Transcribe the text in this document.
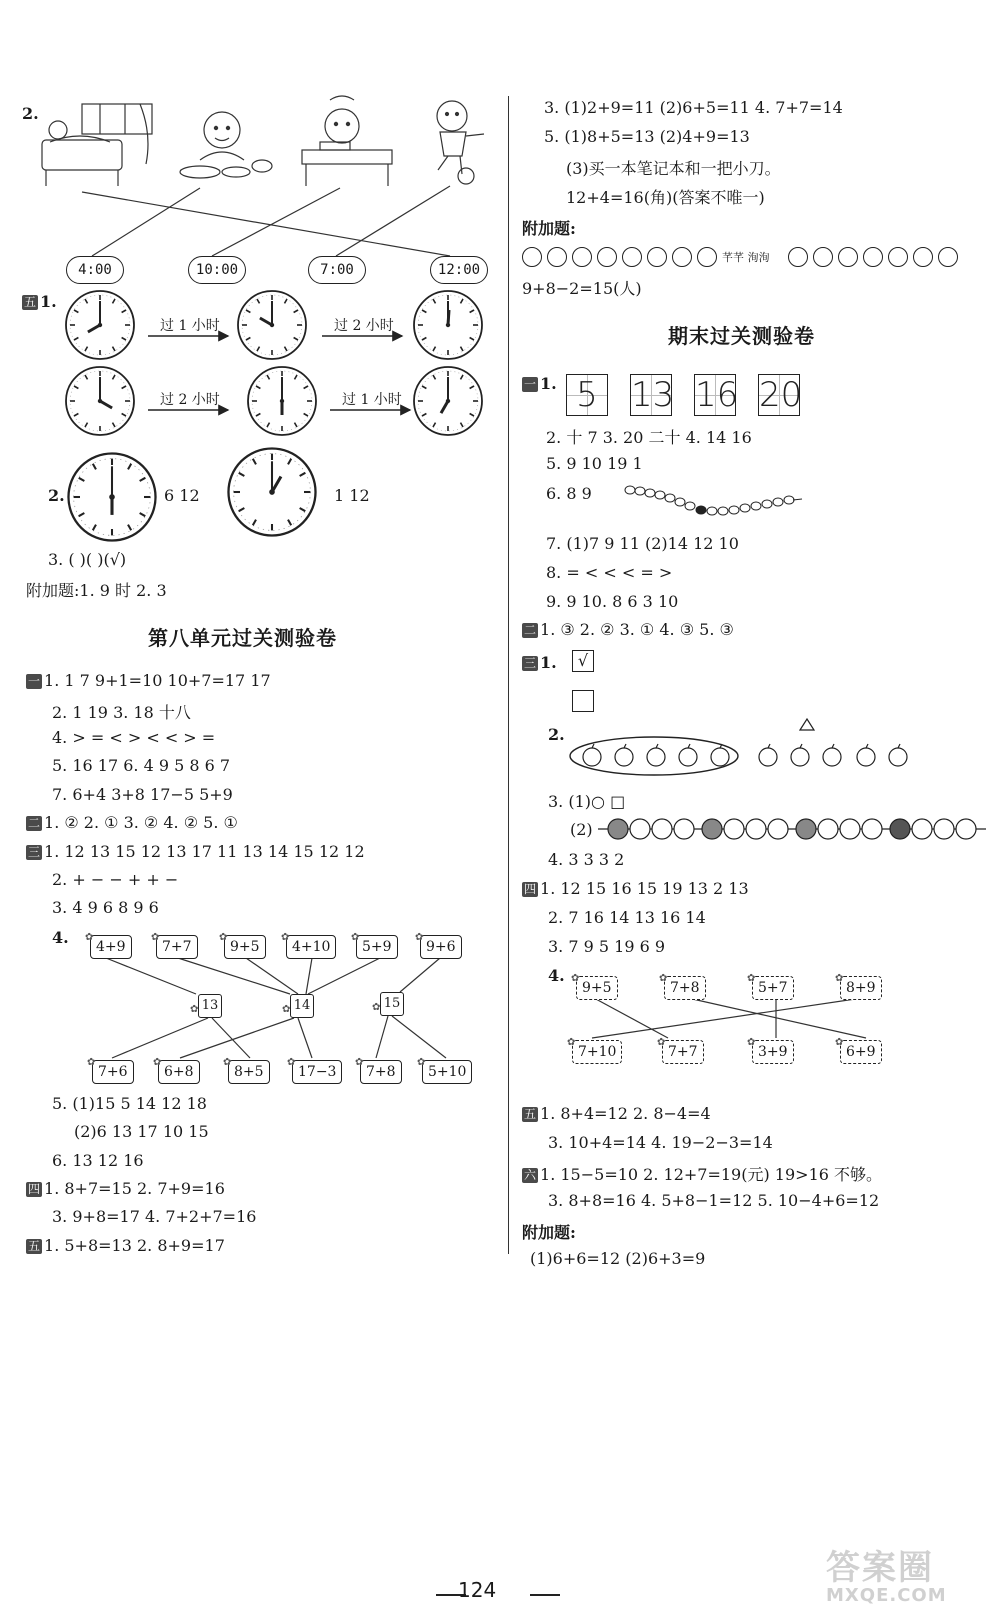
2.
4:00	10:00	7:00	12:00
五 1.
过 1 小时	过 2 小时
过 2 小时	过 1 小时
2.	6 12	1 12
3. ( )( )(√)
附加题:1. 9 时 2. 3
第八单元过关测验卷
一 1. 1 7 9+1=10 10+7=17 17
2. 1 19 3. 18 十八
4. > = < > < < > =
5. 16 17 6. 4 9 5 8 6 7
7. 6+4 3+8 17−5 5+9
二 1. ② 2. ① 3. ② 4. ② 5. ①
三 1. 12 13 15 12 13 17 11 13 14 15 12 12
2. + − − + + −
3. 4 9 6 8 9 6
4.	✿ 4+9	✿ 7+7	✿ 9+5	✿ 4+10	✿ 5+9	✿ 9+6
✿ 13	✿ 14	✿ 15
✿ 7+6	✿ 6+8	✿ 8+5	✿ 17−3	✿ 7+8	✿ 5+10
5. (1)15 5 14 12 18
(2)6 13 17 10 15
6. 13 12 16
四 1. 8+7=15 2. 7+9=16
3. 9+8=17 4. 7+2+7=16
五 1. 5+8=13 2. 8+9=17
3. (1)2+9=11 (2)6+5=11 4. 7+7=14
5. (1)8+5=13 (2)4+9=13
(3)买一本笔记本和一把小刀。
12+4=16(角)(答案不唯一)
附加题:
芊芊 洵洵
9+8−2=15(人)
期末过关测验卷
一 1. 5 13 16 20
2. 十 7 3. 20 二十 4. 14 16
5. 9 10 19 1
6. 8 9
7. (1)7 9 11 (2)14 12 10
8. = < < < = >
9. 9 10. 8 6 3 10
二 1. ③ 2. ② 3. ① 4. ③ 5. ③
三 1.	√
2.
3. (1)○ □
(2)
4. 3 3 3 2
四 1. 12 15 16 15 19 13 2 13
2. 7 16 14 13 16 14
3. 7 9 5 19 6 9
4.
✿ 9+5	✿ 7+8	✿ 5+7	✿ 8+9
✿ 7+10	✿ 7+7	✿ 3+9	✿ 6+9
五 1. 8+4=12 2. 8−4=4
3. 10+4=14 4. 19−2−3=14
六 1. 15−5=10 2. 12+7=19(元) 19>16 不够。
3. 8+8=16 4. 5+8−1=12 5. 10−4+6=12
附加题:
(1)6+6=12 (2)6+3=9
124
答案圈
MXQE.COM
